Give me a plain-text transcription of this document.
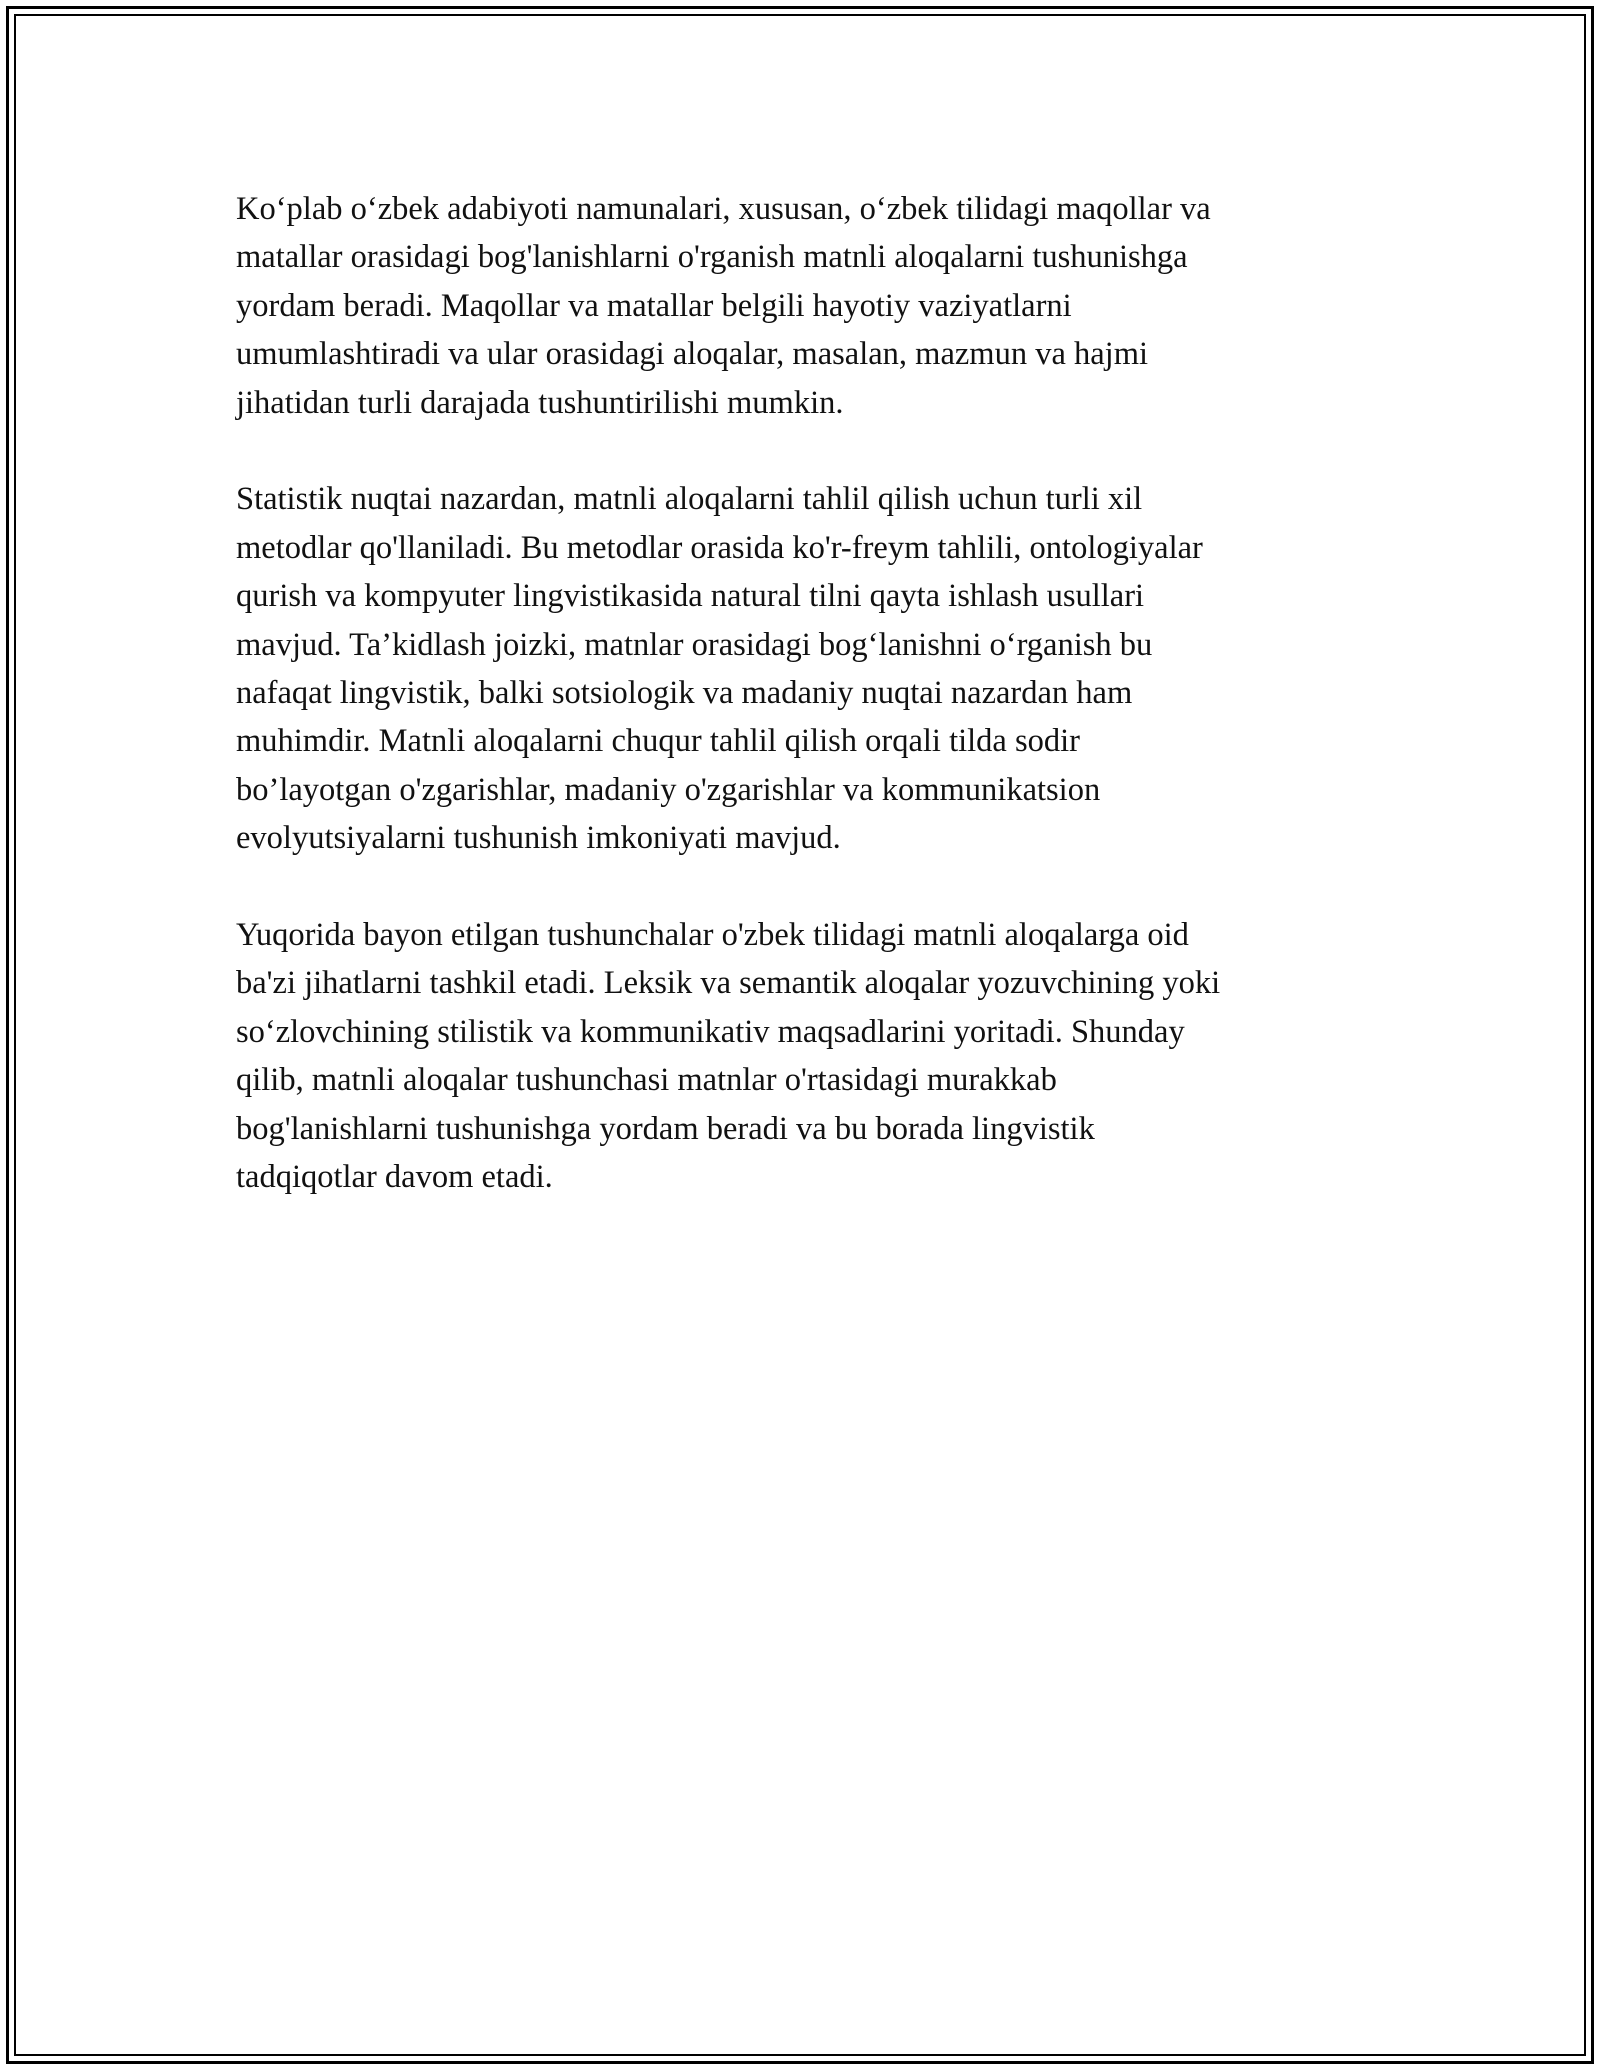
Koʻplab oʻzbek adabiyoti namunalari, xususan, oʻzbek tilidagi maqollar va
matallar orasidagi bog'lanishlarni o'rganish matnli aloqalarni tushunishga
yordam beradi. Maqollar va matallar belgili hayotiy vaziyatlarni
umumlashtiradi va ular orasidagi aloqalar, masalan, mazmun va hajmi
jihatidan turli darajada tushuntirilishi mumkin.

Statistik nuqtai nazardan, matnli aloqalarni tahlil qilish uchun turli xil
metodlar qo'llaniladi. Bu metodlar orasida ko'r-freym tahlili, ontologiyalar
qurish va kompyuter lingvistikasida natural tilni qayta ishlash usullari
mavjud. Ta’kidlash joizki, matnlar orasidagi bogʻlanishni oʻrganish bu
nafaqat lingvistik, balki sotsiologik va madaniy nuqtai nazardan ham
muhimdir. Matnli aloqalarni chuqur tahlil qilish orqali tilda sodir
bo’layotgan o'zgarishlar, madaniy o'zgarishlar va kommunikatsion
evolyutsiyalarni tushunish imkoniyati mavjud.

Yuqorida bayon etilgan tushunchalar o'zbek tilidagi matnli aloqalarga oid
ba'zi jihatlarni tashkil etadi. Leksik va semantik aloqalar yozuvchining yoki
soʻzlovchining stilistik va kommunikativ maqsadlarini yoritadi. Shunday
qilib, matnli aloqalar tushunchasi matnlar o'rtasidagi murakkab
bog'lanishlarni tushunishga yordam beradi va bu borada lingvistik
tadqiqotlar davom etadi.
